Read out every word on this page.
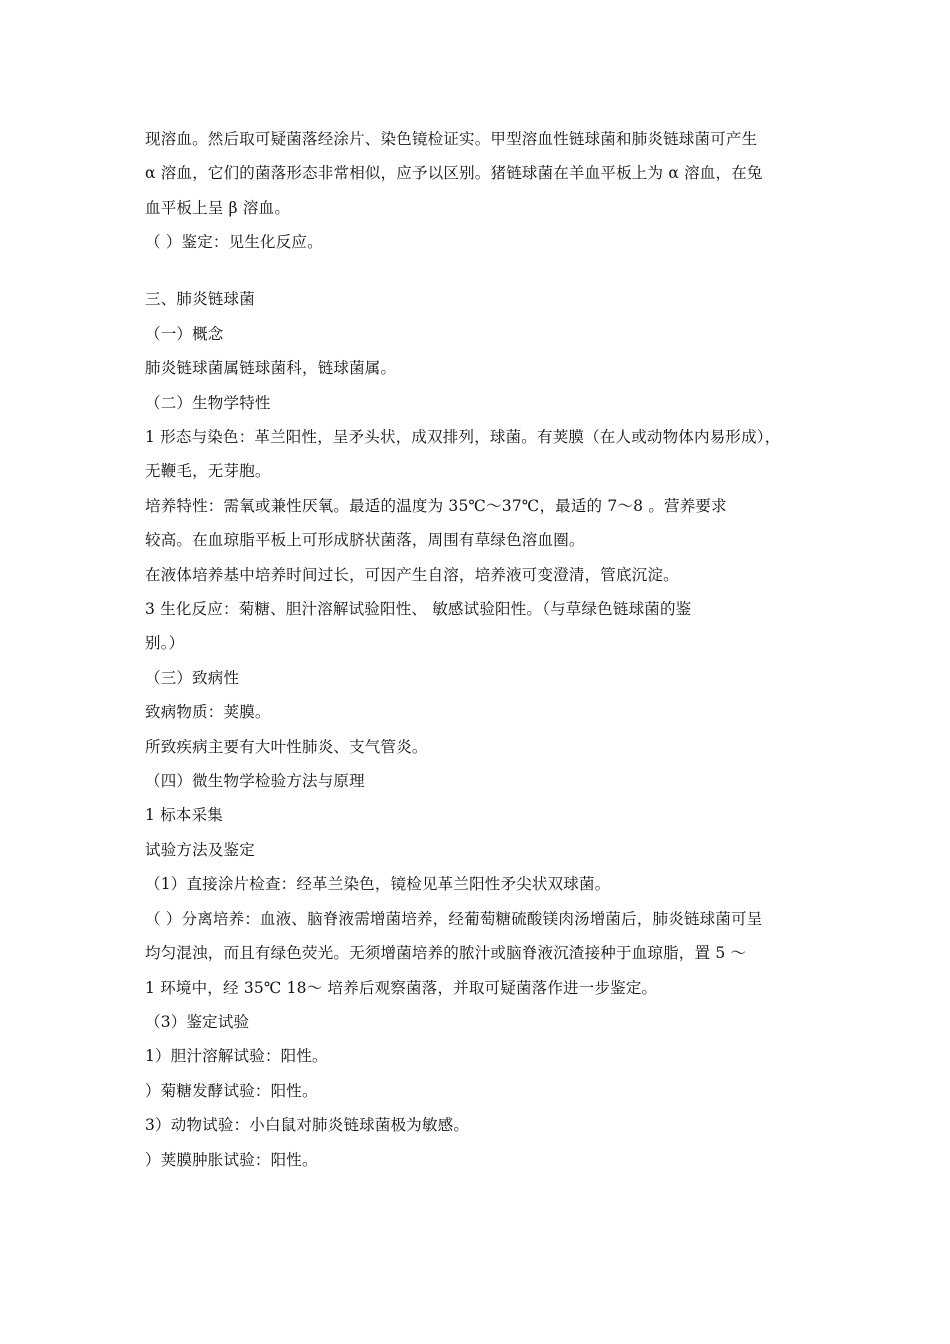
现溶血。然后取可疑菌落经涂片、染色镜检证实。甲型溶血性链球菌和肺炎链球菌可产生
α 溶血，它们的菌落形态非常相似，应予以区别。猪链球菌在羊血平板上为 α 溶血，在兔
血平板上呈 β 溶血。
（ ）鉴定：见生化反应。
三、肺炎链球菌
（一）概念
肺炎链球菌属链球菌科，链球菌属。
（二）生物学特性
1 形态与染色：革兰阳性，呈矛头状，成双排列，球菌。有荚膜（在人或动物体内易形成），
无鞭毛，无芽胞。
培养特性：需氧或兼性厌氧。最适的温度为 35℃～37℃，最适的 7～8 。营养要求
较高。在血琼脂平板上可形成脐状菌落，周围有草绿色溶血圈。
在液体培养基中培养时间过长，可因产生自溶，培养液可变澄清，管底沉淀。
3 生化反应：菊糖、胆汁溶解试验阳性、 敏感试验阳性。（与草绿色链球菌的鉴
别。）
（三）致病性
致病物质：荚膜。
所致疾病主要有大叶性肺炎、支气管炎。
（四）微生物学检验方法与原理
1 标本采集
试验方法及鉴定
（1）直接涂片检查：经革兰染色，镜检见革兰阳性矛尖状双球菌。
（ ）分离培养：血液、脑脊液需增菌培养，经葡萄糖硫酸镁肉汤增菌后，肺炎链球菌可呈
均匀混浊，而且有绿色荧光。无须增菌培养的脓汁或脑脊液沉渣接种于血琼脂，置 5 ～
1 环境中，经 35℃ 18～ 培养后观察菌落，并取可疑菌落作进一步鉴定。
（3）鉴定试验
1）胆汁溶解试验：阳性。
）菊糖发酵试验：阳性。
3）动物试验：小白鼠对肺炎链球菌极为敏感。
）荚膜肿胀试验：阳性。
